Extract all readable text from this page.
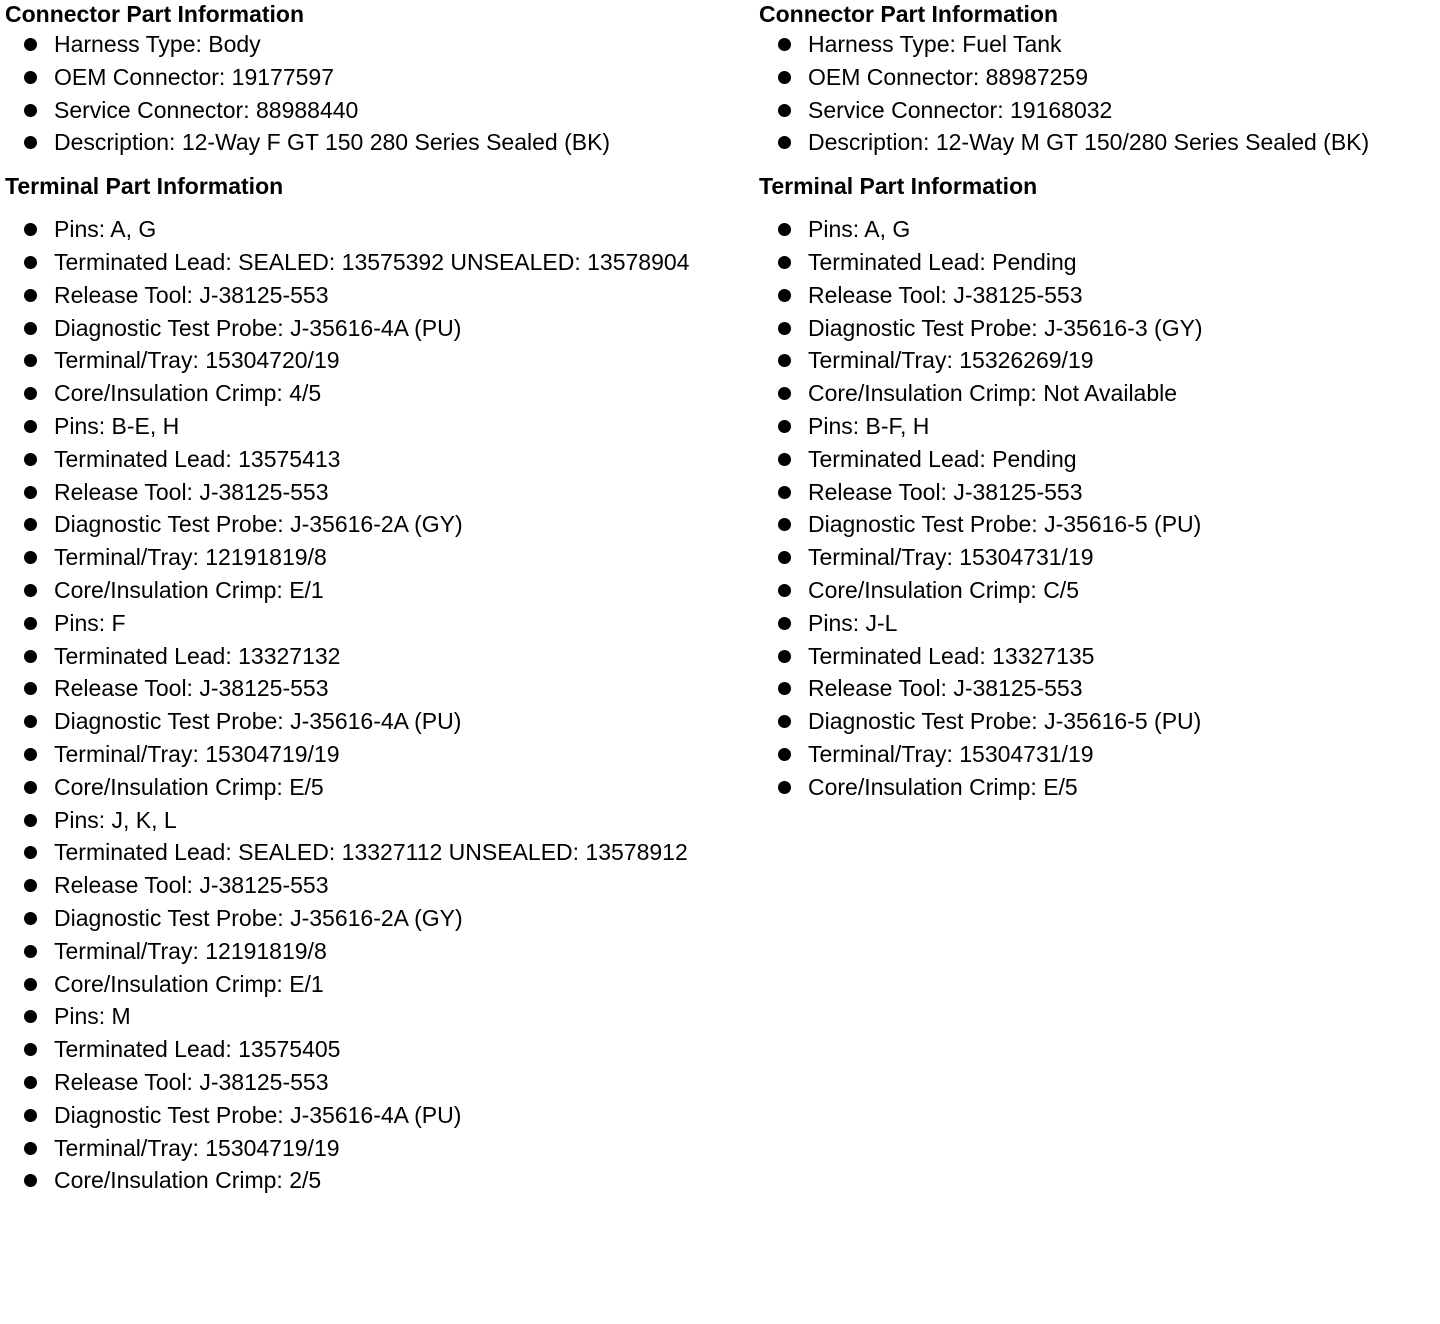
Connector Part Information
Harness Type: Body
OEM Connector: 19177597
Service Connector: 88988440
Description: 12-Way F GT 150 280 Series Sealed (BK)
Terminal Part Information
Pins: A, G
Terminated Lead: SEALED: 13575392 UNSEALED: 13578904
Release Tool: J-38125-553
Diagnostic Test Probe: J-35616-4A (PU)
Terminal/Tray: 15304720/19
Core/Insulation Crimp: 4/5
Pins: B-E, H
Terminated Lead: 13575413
Release Tool: J-38125-553
Diagnostic Test Probe: J-35616-2A (GY)
Terminal/Tray: 12191819/8
Core/Insulation Crimp: E/1
Pins: F
Terminated Lead: 13327132
Release Tool: J-38125-553
Diagnostic Test Probe: J-35616-4A (PU)
Terminal/Tray: 15304719/19
Core/Insulation Crimp: E/5
Pins: J, K, L
Terminated Lead: SEALED: 13327112 UNSEALED: 13578912
Release Tool: J-38125-553
Diagnostic Test Probe: J-35616-2A (GY)
Terminal/Tray: 12191819/8
Core/Insulation Crimp: E/1
Pins: M
Terminated Lead: 13575405
Release Tool: J-38125-553
Diagnostic Test Probe: J-35616-4A (PU)
Terminal/Tray: 15304719/19
Core/Insulation Crimp: 2/5
Connector Part Information
Harness Type: Fuel Tank
OEM Connector: 88987259
Service Connector: 19168032
Description: 12-Way M GT 150/280 Series Sealed (BK)
Terminal Part Information
Pins: A, G
Terminated Lead: Pending
Release Tool: J-38125-553
Diagnostic Test Probe: J-35616-3 (GY)
Terminal/Tray: 15326269/19
Core/Insulation Crimp: Not Available
Pins: B-F, H
Terminated Lead: Pending
Release Tool: J-38125-553
Diagnostic Test Probe: J-35616-5 (PU)
Terminal/Tray: 15304731/19
Core/Insulation Crimp: C/5
Pins: J-L
Terminated Lead: 13327135
Release Tool: J-38125-553
Diagnostic Test Probe: J-35616-5 (PU)
Terminal/Tray: 15304731/19
Core/Insulation Crimp: E/5
